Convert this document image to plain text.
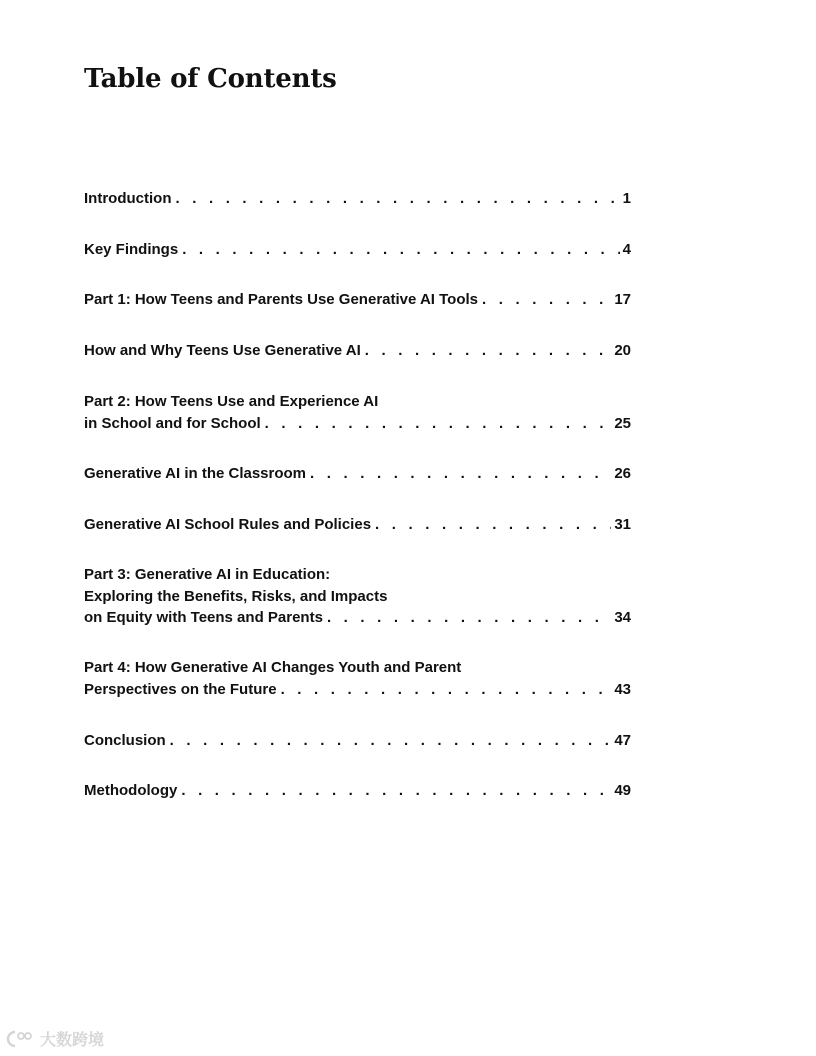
Table of Contents
Introduction . . .	1
Key Findings . . .	4
Part 1: How Teens and Parents Use Generative AI Tools . . .	17
How and Why Teens Use Generative AI . . .	20
Part 2: How Teens Use and Experience AI
in School and for School . . .	25
Generative AI in the Classroom . . .	26
Generative AI School Rules and Policies . . .	31
Part 3: Generative AI in Education:
Exploring the Benefits, Risks, and Impacts
on Equity with Teens and Parents . . .	34
Part 4: How Generative AI Changes Youth and Parent
Perspectives on the Future . . .	43
Conclusion . . .	47
Methodology . . .	49
大数跨境
